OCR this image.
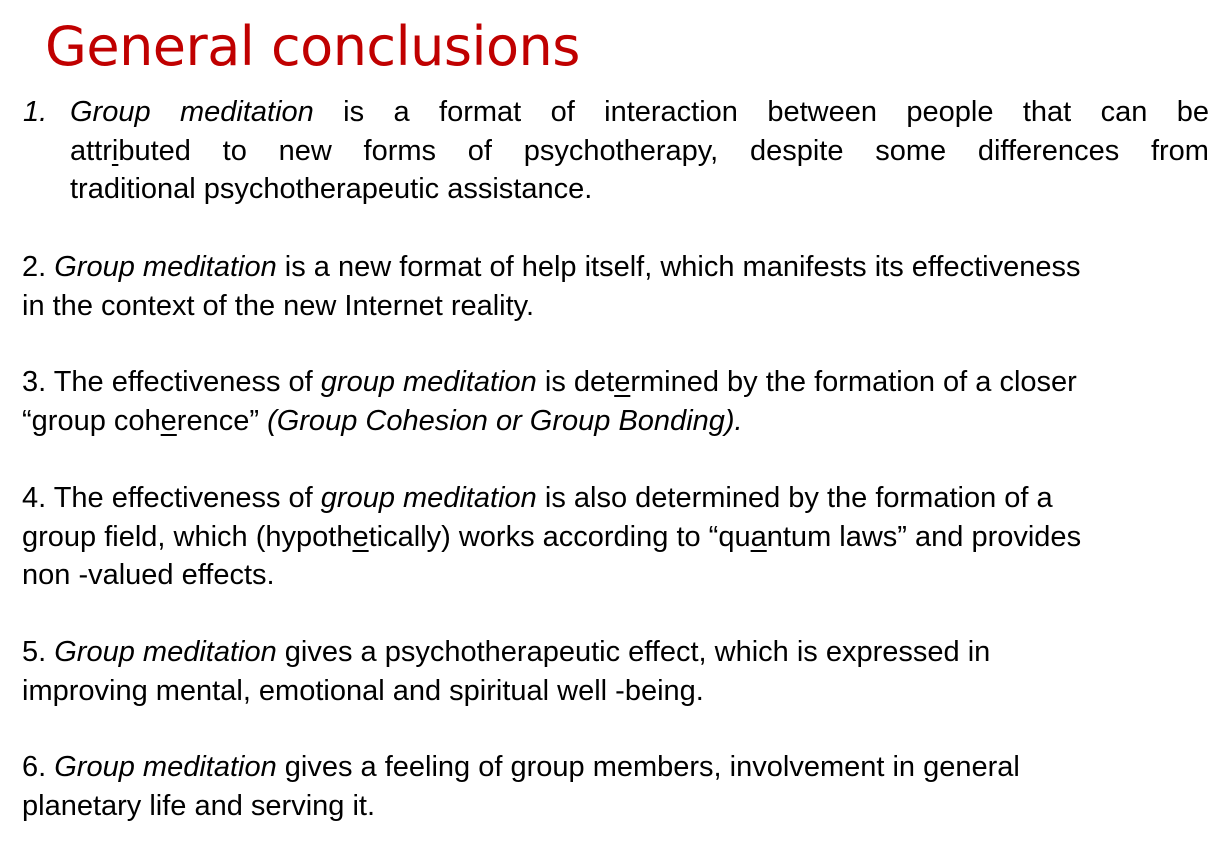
General conclusions
1. Group meditation is a format of interaction between people that can be
attributed to new forms of psychotherapy, despite some differences from
traditional psychotherapeutic assistance.

2. Group meditation is a new format of help itself, which manifests its effectiveness
in the context of the new Internet reality.

3. The effectiveness of group meditation is determined by the formation of a closer
“group coherence” (Group Cohesion or Group Bonding).

4. The effectiveness of group meditation is also determined by the formation of a
group field, which (hypothetically) works according to “quantum laws” and provides
non -valued effects.

5. Group meditation gives a psychotherapeutic effect, which is expressed in
improving mental, emotional and spiritual well -being.

6. Group meditation gives a feeling of group members, involvement in general
planetary life and serving it.
